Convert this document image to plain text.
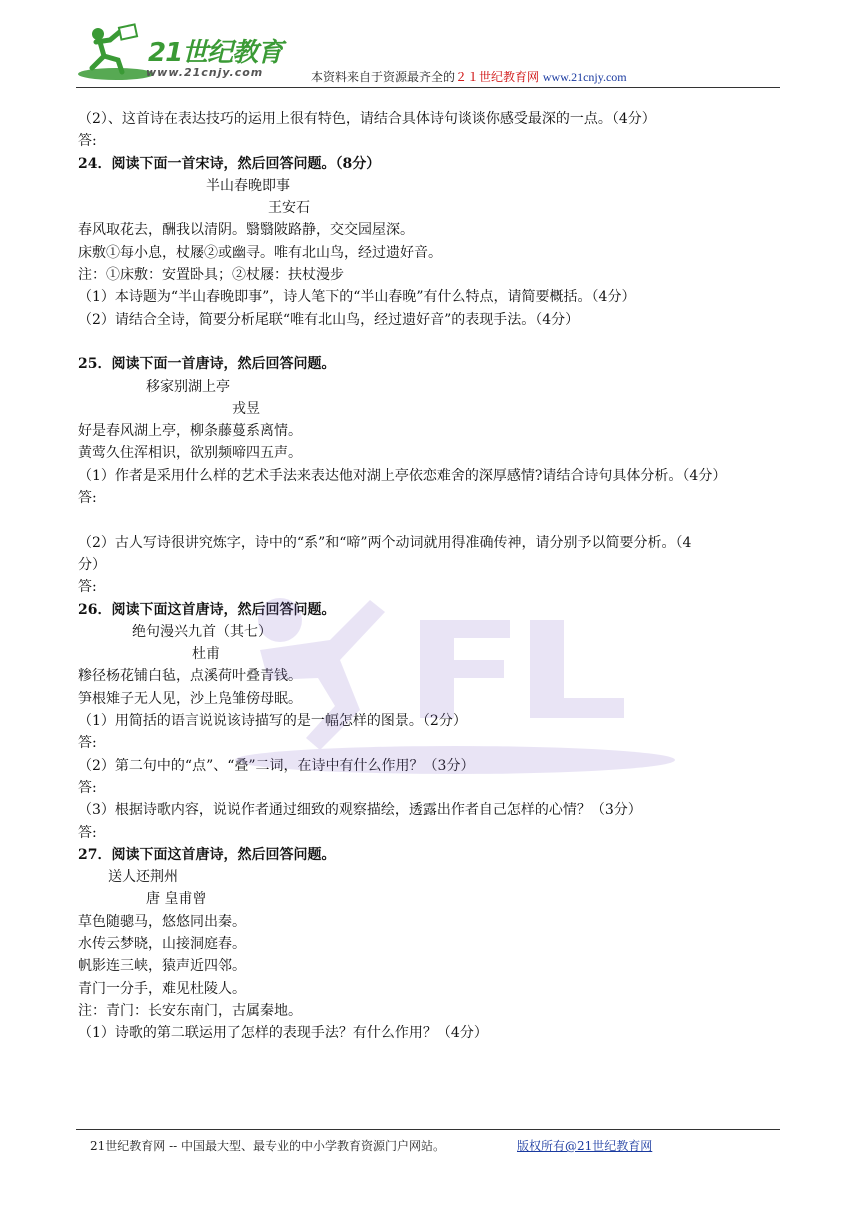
21世纪教育
www.21cnjy.com	本资料来自于资源最齐全的２１世纪教育网 www.21cnjy.com
（2）、这首诗在表达技巧的运用上很有特色，请结合具体诗句谈谈你感受最深的一点。（4分）
答:
24．阅读下面一首宋诗，然后回答问题。（8分）
半山春晚即事
王安石
春风取花去，酬我以清阴。翳翳陂路静，交交园屋深。
床敷①每小息，杖屦②或幽寻。唯有北山鸟，经过遗好音。
注：①床敷：安置卧具；②杖屦：扶杖漫步
（1）本诗题为“半山春晚即事”，诗人笔下的“半山春晚”有什么特点，请简要概括。（4分）
（2）请结合全诗，简要分析尾联“唯有北山鸟，经过遗好音”的表现手法。（4分）
25．阅读下面一首唐诗，然后回答问题。
移家别湖上亭
戎昱
好是春风湖上亭，柳条藤蔓系离情。
黄莺久住浑相识，欲别频啼四五声。
（1）作者是采用什么样的艺术手法来表达他对湖上亭依恋难舍的深厚感情?请结合诗句具体分析。（4分）
答:
（2）古人写诗很讲究炼字，诗中的“系”和“啼”两个动词就用得准确传神，请分别予以简要分析。（4
分）
答:
26．阅读下面这首唐诗，然后回答问题。
绝句漫兴九首（其七）
杜甫
糁径杨花铺白毡，点溪荷叶叠青钱。
笋根雉子无人见，沙上凫雏傍母眠。
（1）用简括的语言说说该诗描写的是一幅怎样的图景。（2分）
答:
（2）第二句中的“点”、“叠”二词，在诗中有什么作用？（3分）
答:
（3）根据诗歌内容，说说作者通过细致的观察描绘，透露出作者自己怎样的心情？（3分）
答:
27．阅读下面这首唐诗，然后回答问题。
送人还荆州
唐 皇甫曾
草色随骢马，悠悠同出秦。
水传云梦晓，山接洞庭春。
帆影连三峡，猿声近四邻。
青门一分手，难见杜陵人。
注：青门：长安东南门，古属秦地。
（1）诗歌的第二联运用了怎样的表现手法？有什么作用？（4分）
21世纪教育网 -- 中国最大型、最专业的中小学教育资源门户网站。	版权所有@21世纪教育网
